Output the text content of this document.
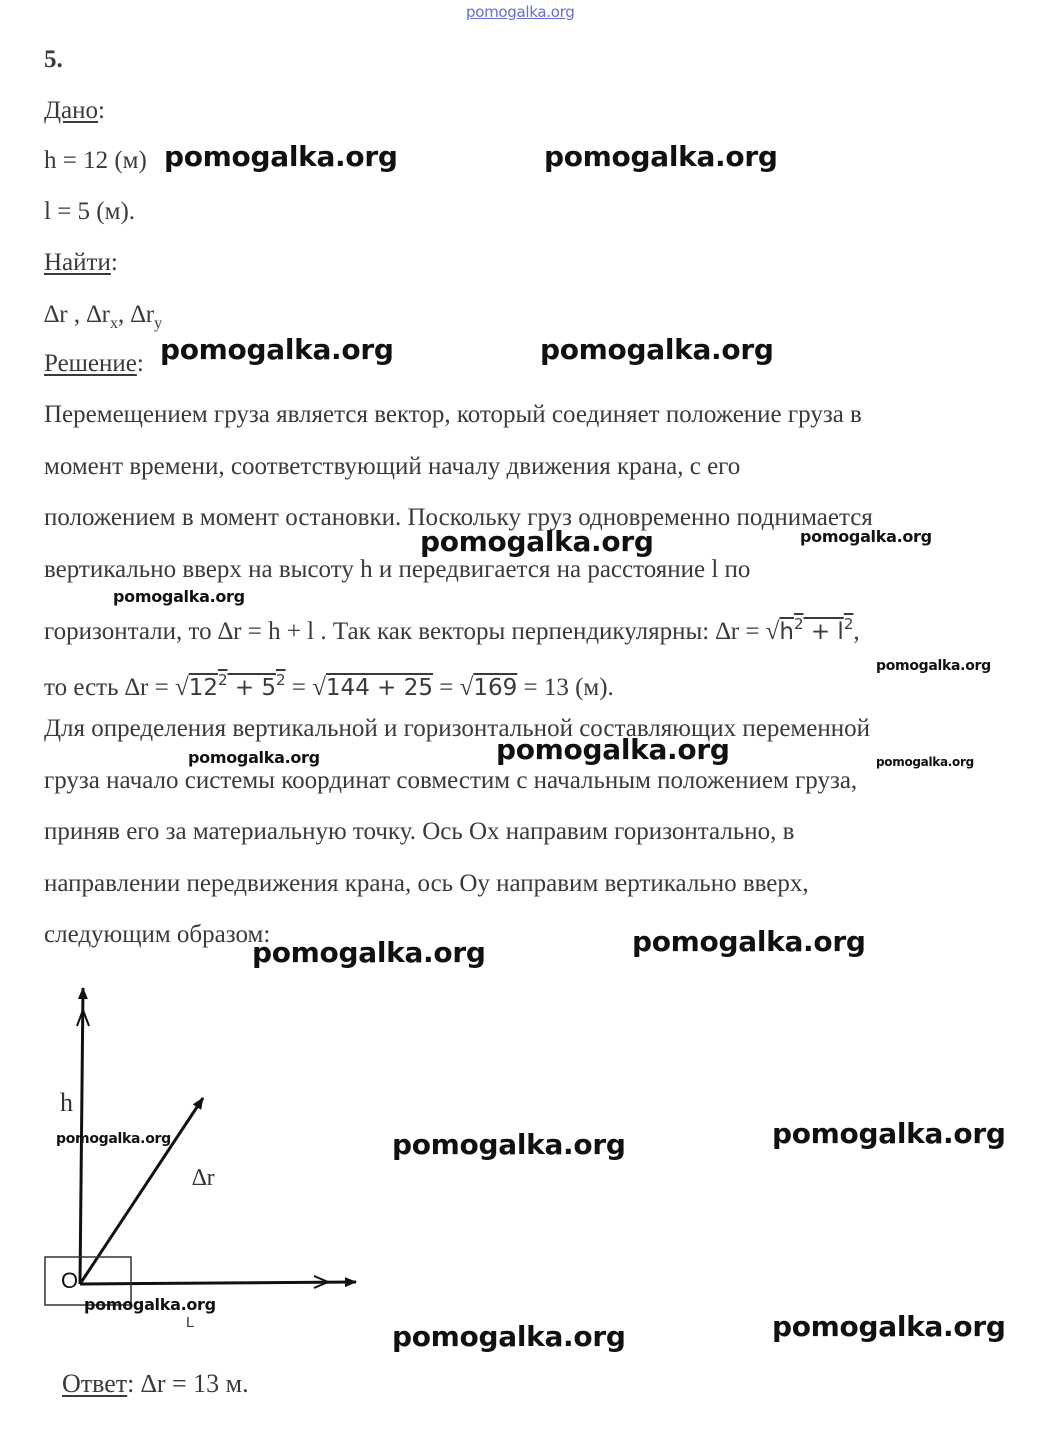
pomogalka.org
5.
Дано:
h = 12 (м)
l = 5 (м).
Найти:
∆r , $\Delta r_x$, $\Delta r_y$
Решение:
Перемещением груза является вектор, который соединяет положение груза в
момент времени, соответствующий началу движения крана, с его
положением в момент остановки. Поскольку груз одновременно поднимается
вертикально вверх на высоту h и передвигается на расстояние l по
горизонтали, то ∆r = h + l . Так как векторы перпендикулярны: $\Delta r = √h^2 + l^2$,
то есть $\Delta r = √12^2 + 5^2 = √144 + 25 = √169 = 13$ (м).
Для определения вертикальной и горизонтальной составляющих переменной
груза начало системы координат совместим с начальным положением груза,
приняв его за материальную точку. Ось Ох направим горизонтально, в
направлении передвижения крана, ось Оу направим вертикально вверх,
следующим образом:
h
∆r
O
L
Ответ: ∆r = 13 м.
pomogalka.org	pomogalka.org
pomogalka.org	pomogalka.org
pomogalka.org	pomogalka.org
pomogalka.org
pomogalka.org
pomogalka.org	pomogalka.org	pomogalka.org
pomogalka.org	pomogalka.org
pomogalka.org	pomogalka.org	pomogalka.org
pomogalka.org
pomogalka.org	pomogalka.org
